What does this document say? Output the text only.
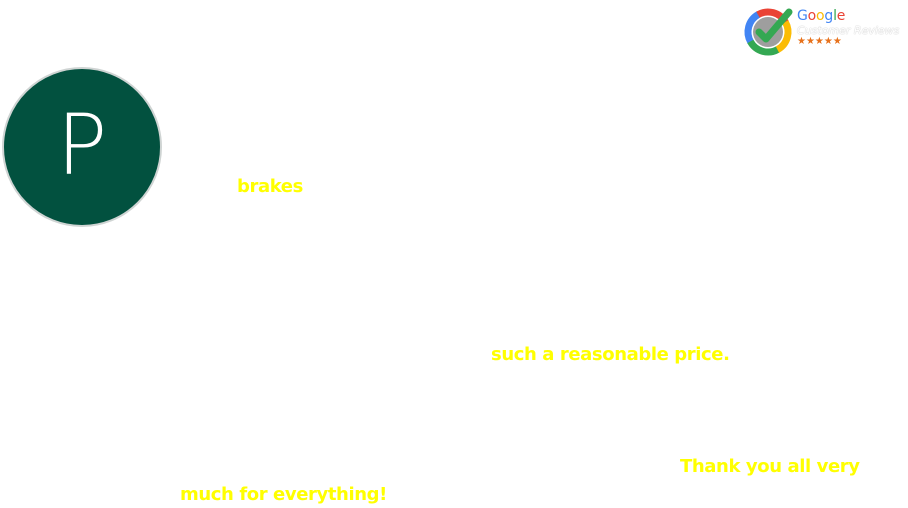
P
Google
Customer Reviews
★★★★★
brakes
such a reasonable price.
Thank you all very
much for everything!
